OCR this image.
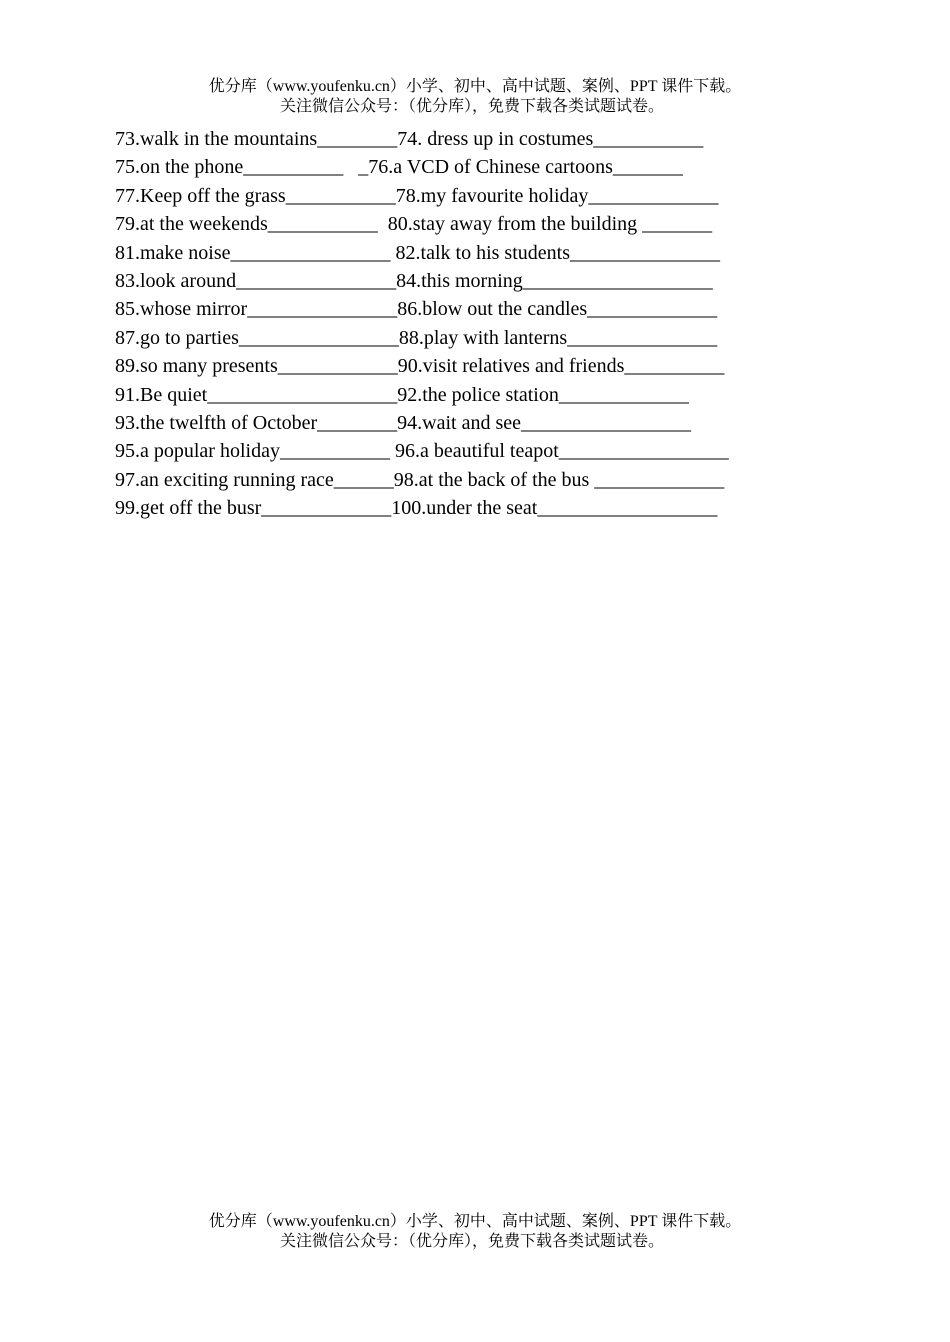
优分库（www.youfenku.cn）小学、初中、高中试题、案例、PPT 课件下载。
关注微信公众号：（优分库），免费下载各类试题试卷。
73.walk in the mountains________74. dress up in costumes___________
75.on the phone__________   _76.a VCD of Chinese cartoons_______
77.Keep off the grass___________78.my favourite holiday_____________
79.at the weekends___________  80.stay away from the building _______
81.make noise________________ 82.talk to his students_______________
83.look around________________84.this morning___________________
85.whose mirror_______________86.blow out the candles_____________
87.go to parties________________88.play with lanterns_______________
89.so many presents____________90.visit relatives and friends__________
91.Be quiet___________________92.the police station_____________
93.the twelfth of October________94.wait and see_________________
95.a popular holiday___________ 96.a beautiful teapot_________________
97.an exciting running race______98.at the back of the bus _____________
99.get off the busr_____________100.under the seat__________________
优分库（www.youfenku.cn）小学、初中、高中试题、案例、PPT 课件下载。
关注微信公众号：（优分库），免费下载各类试题试卷。
